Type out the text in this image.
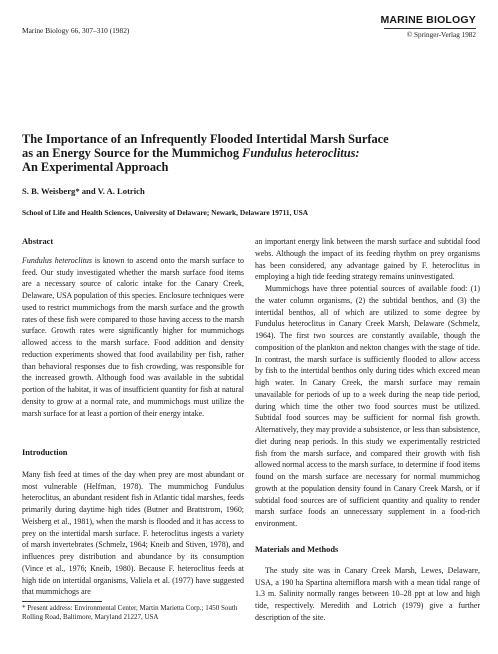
Marine Biology 66, 307–310 (1982)
MARINE BIOLOGY
© Springer-Verlag 1982
The Importance of an Infrequently Flooded Intertidal Marsh Surface
as an Energy Source for the Mummichog Fundulus heteroclitus:
An Experimental Approach
S. B. Weisberg* and V. A. Lotrich
School of Life and Health Sciences, University of Delaware; Newark, Delaware 19711, USA
Abstract

Fundulus heteroclitus is known to ascend onto the marsh surface to feed. Our study investigated whether the marsh surface food items are a necessary source of caloric intake for the Canary Creek, Delaware, USA population of this species. Enclosure techniques were used to restrict mummichogs from the marsh surface and the growth rates of these fish were compared to those having access to the marsh surface. Growth rates were significantly higher for mummichogs allowed access to the marsh surface. Food addition and density reduction experiments showed that food availability per fish, rather than behavioral responses due to fish crowding, was responsible for the increased growth. Although food was available in the subtidal portion of the habitat, it was of insufficient quantity for fish at natural density to grow at a normal rate, and mummichogs must utilize the marsh surface for at least a portion of their energy intake.

Introduction

Many fish feed at times of the day when prey are most abundant or most vulnerable (Helfman, 1978). The mummichog Fundulus heteroclitus, an abundant resident fish in Atlantic tidal marshes, feeds primarily during daytime high tides (Butner and Brattstrom, 1960; Weisberg et al., 1981), when the marsh is flooded and it has access to prey on the intertidal marsh surface. F. heteroclitus ingests a variety of marsh invertebrates (Schmelz, 1964; Kneib and Stiven, 1978), and influences prey distribution and abundance by its consumption (Vince et al., 1976; Kneib, 1980). Because F. heteroclitus feeds at high tide on intertidal organisms, Valiela et al. (1977) have suggested that mummichogs are

an important energy link between the marsh surface and subtidal food webs. Although the impact of its feeding rhythm on prey organisms has been considered, any advantage gained by F. heteroclitus in employing a high tide feeding strategy remains uninvestigated.

Mummichogs have three potential sources of available food: (1) the water column organisms, (2) the subtidal benthos, and (3) the intertidal benthos, all of which are utilized to some degree by Fundulus heteroclitus in Canary Creek Marsh, Delaware (Schmelz, 1964). The first two sources are constantly available, though the composition of the plankton and nekton changes with the stage of tide. In contrast, the marsh surface is sufficiently flooded to allow access by fish to the intertidal benthos only during tides which exceed mean high water. In Canary Creek, the marsh surface may remain unavailable for periods of up to a week during the neap tide period, during which time the other two food sources must be utilized. Subtidal food sources may be sufficient for normal fish growth. Alternatively, they may provide a subsistence, or less than subsistence, diet during neap periods. In this study we experimentally restricted fish from the marsh surface, and compared their growth with fish allowed normal access to the marsh surface, to determine if food items found on the marsh surface are necessary for normal mummichog growth at the population density found in Canary Creek Marsh, or if subtidal food sources are of sufficient quantity and quality to render marsh surface foods an unnecessary supplement in a food-rich environment.

Materials and Methods

The study site was in Canary Creek Marsh, Lewes, Delaware, USA, a 190 ha Spartina alterniflora marsh with a mean tidal range of 1.3 m. Salinity normally ranges between 10–28 ppt at low and high tide, respectively. Meredith and Lotrich (1979) give a further description of the site.

* Present address: Environmental Center, Martin Marietta Corp.; 1450 South Rolling Road, Baltimore, Maryland 21227, USA
